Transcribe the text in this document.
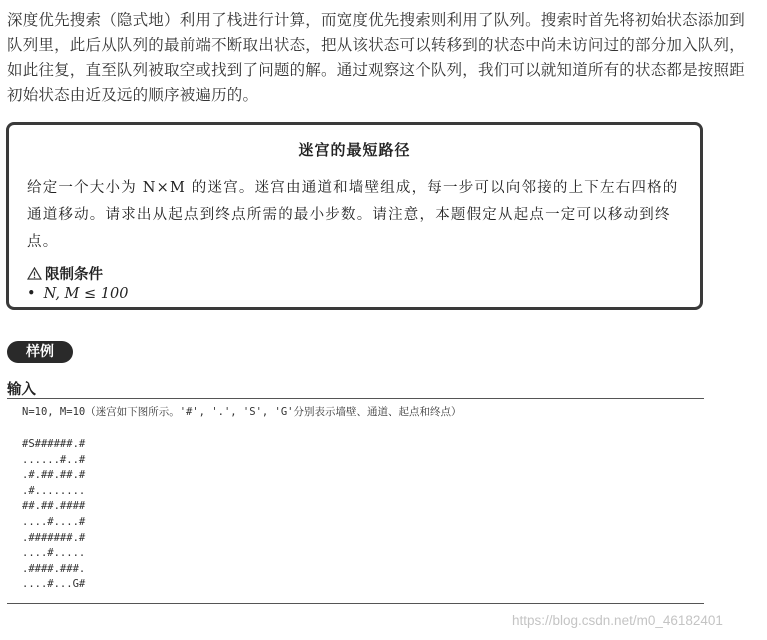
深度优先搜索（隐式地）利用了栈进行计算，而宽度优先搜索则利用了队列。搜索时首先将初始状态添加到队列里，此后从队列的最前端不断取出状态，把从该状态可以转移到的状态中尚未访问过的部分加入队列，如此往复，直至队列被取空或找到了问题的解。通过观察这个队列，我们可以就知道所有的状态都是按照距初始状态由近及远的顺序被遍历的。
迷宫的最短路径
给定一个大小为 N×M 的迷宫。迷宫由通道和墙壁组成，每一步可以向邻接的上下左右四格的通道移动。请求出从起点到终点所需的最小步数。请注意，本题假定从起点一定可以移动到终点。
限制条件
• N, M ≤ 100
样例
输入
N=10, M=10（迷宫如下图所示。'#', '.', 'S', 'G'分别表示墙壁、通道、起点和终点）
#S######.#
......#..#
.#.##.##.#
.#........
##.##.####
....#....#
.#######.#
....#.....
.####.###.
....#...G#
https://blog.csdn.net/m0_46182401
